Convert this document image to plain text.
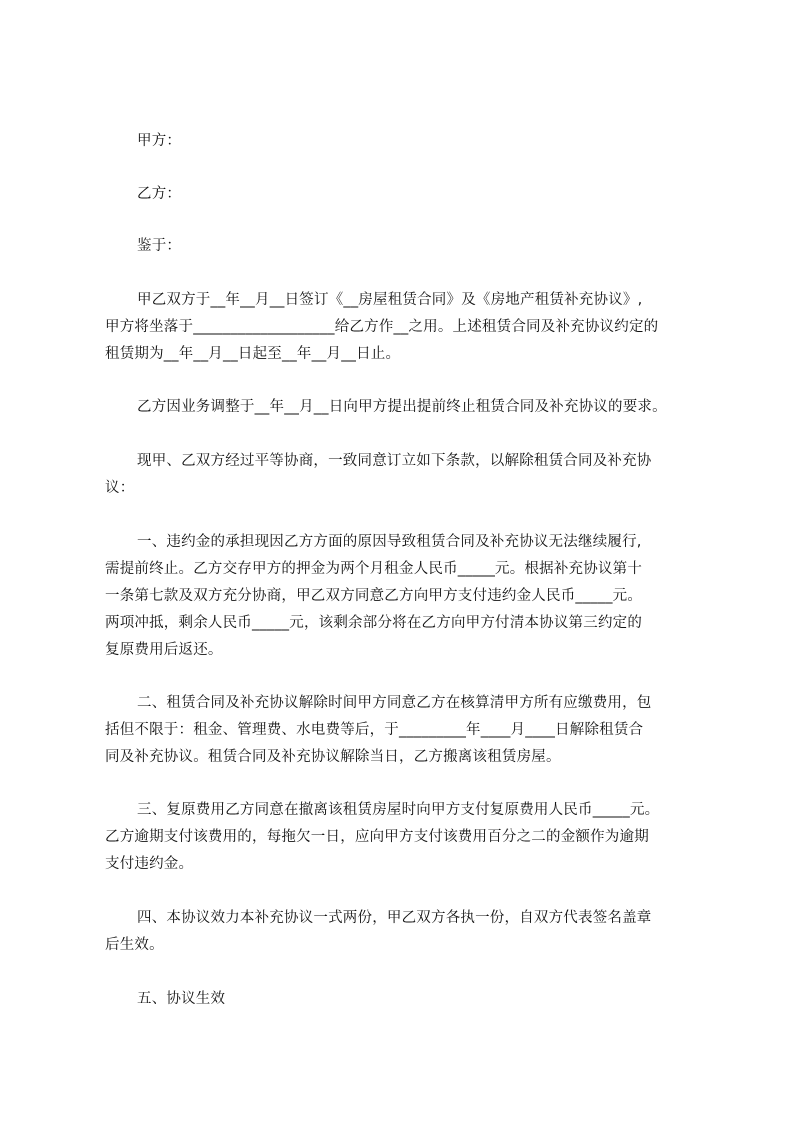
甲方：
乙方：
鉴于：
甲乙双方于__年__月__日签订《__房屋租赁合同》及《房地产租赁补充协议》,
甲方将坐落于___________________给乙方作__之用。上述租赁合同及补充协议约定的
租赁期为__年__月__日起至__年__月__日止。
乙方因业务调整于__年__月__日向甲方提出提前终止租赁合同及补充协议的要求。
现甲、乙双方经过平等协商，一致同意订立如下条款，以解除租赁合同及补充协
议：
一、违约金的承担现因乙方方面的原因导致租赁合同及补充协议无法继续履行,
需提前终止。乙方交存甲方的押金为两个月租金人民币_____元。根据补充协议第十
一条第七款及双方充分协商，甲乙双方同意乙方向甲方支付违约金人民币_____元。
两项冲抵，剩余人民币_____元，该剩余部分将在乙方向甲方付清本协议第三约定的
复原费用后返还。
二、租赁合同及补充协议解除时间甲方同意乙方在核算清甲方所有应缴费用，包
括但不限于：租金、管理费、水电费等后，于_________年____月____日解除租赁合
同及补充协议。租赁合同及补充协议解除当日，乙方搬离该租赁房屋。
三、复原费用乙方同意在撤离该租赁房屋时向甲方支付复原费用人民币_____元。
乙方逾期支付该费用的，每拖欠一日，应向甲方支付该费用百分之二的金额作为逾期
支付违约金。
四、本协议效力本补充协议一式两份，甲乙双方各执一份，自双方代表签名盖章
后生效。
五、协议生效
